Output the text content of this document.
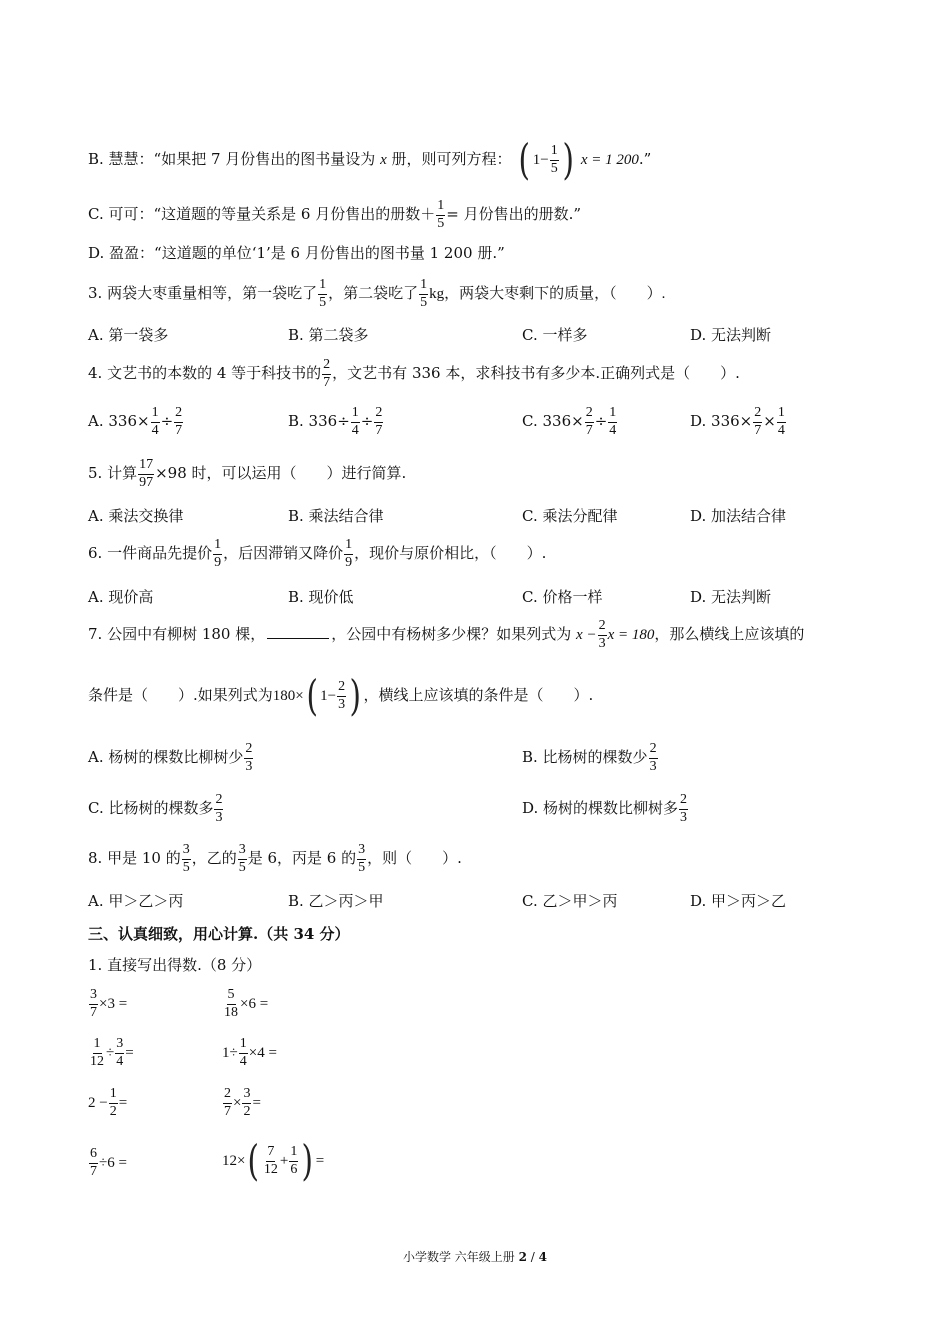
B. 慧慧：“如果把 7 月份售出的图书量设为 x 册，则可列方程： ( $1- \frac{1}{5}$ ) x = 1 200.”
C. 可可：“这道题的等量关系是 6 月份售出的册数＋ $\frac{1}{5}$ = 月份售出的册数.”
D. 盈盈：“这道题的单位‘1’是 6 月份售出的图书量 1 200 册.”
3. 两袋大枣重量相等，第一袋吃了 $\frac{1}{5}$ ，第二袋吃了 $\frac{1}{5}$ kg，两袋大枣剩下的质量，（　　）.
A. 第一袋多	B. 第二袋多	C. 一样多	D. 无法判断
4. 文艺书的本数的 4 等于科技书的 $\frac{2}{7}$ ，文艺书有 336 本，求科技书有多少本.正确列式是（　　）.
A. $336\times \frac{1}{4} \div \frac{2}{7}$	B. $336\div \frac{1}{4} \div \frac{2}{7}$	C. $336\times \frac{2}{7} \div \frac{1}{4}$	D. $336\times \frac{2}{7} \times \frac{1}{4}$
5. 计算 $\frac{17}{97} \times 98$ 时，可以运用（　　）进行简算.
A. 乘法交换律	B. 乘法结合律	C. 乘法分配律	D. 加法结合律
6. 一件商品先提价 $\frac{1}{9}$ ，后因滞销又降价 $\frac{1}{9}$ ，现价与原价相比，（　　）.
A. 现价高	B. 现价低	C. 价格一样	D. 无法判断
7. 公园中有柳树 180 棵，	，公园中有杨树多少棵？如果列式为 $x - \frac{2}{3}$ x = 180，那么横线上应该填的
条件是（　　）.如果列式为180×( $1- \frac{2}{3}$ ) ，横线上应该填的条件是（　　）.
A. 杨树的棵数比柳树少 $\frac{2}{3}$	B. 比杨树的棵数少 $\frac{2}{3}$
C. 比杨树的棵数多 $\frac{2}{3}$	D. 杨树的棵数比柳树多 $\frac{2}{3}$
8. 甲是 10 的 $\frac{3}{5}$ ，乙的 $\frac{3}{5}$ 是 6，丙是 6 的 $\frac{3}{5}$ ，则（　　）.
A. 甲＞乙＞丙	B. 乙＞丙＞甲	C. 乙＞甲＞丙	D. 甲＞丙＞乙
三、认真细致，用心计算.（共 34 分）
1. 直接写出得数.（8 分）
$\frac{3}{7} \times 3$ =	$\frac{5}{18} \times 6$ =
$\frac{1}{12} \div \frac{3}{4}$ =	$1\div \frac{1}{4} \times 4$ =
$2 - \frac{1}{2}$ =	$\frac{2}{7} \times \frac{3}{2}$ =
$\frac{6}{7} \div 6$ =	$12\times( \frac{7}{12} + \frac{1}{6}$ ) =
小学数学 六年级上册 2 / 4
